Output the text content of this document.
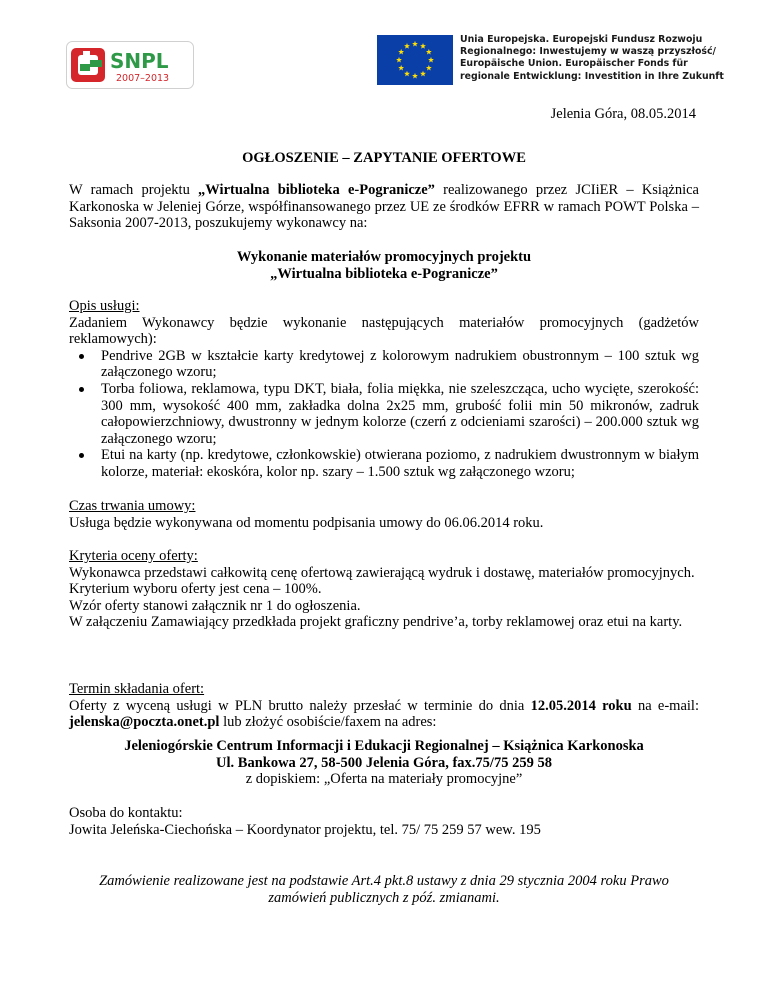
SNPL
2007–2013
Unia Europejska. Europejski Fundusz Rozwoju
Regionalnego: Inwestujemy w waszą przyszłość/
Europäische Union. Europäischer Fonds für
regionale Entwicklung: Investition in Ihre Zukunft
Jelenia Góra, 08.05.2014
OGŁOSZENIE – ZAPYTANIE OFERTOWE
W ramach projektu „Wirtualna biblioteka e-Pogranicze” realizowanego przez JCIiER – Książnica Karkonoska w Jeleniej Górze, współfinansowanego przez UE ze środków EFRR w ramach POWT Polska – Saksonia 2007-2013, poszukujemy wykonawcy na:
Wykonanie materiałów promocyjnych projektu
„Wirtualna biblioteka e-Pogranicze”
Opis usługi:
Zadaniem Wykonawcy będzie wykonanie następujących materiałów promocyjnych (gadżetów reklamowych):
Pendrive 2GB w kształcie karty kredytowej z kolorowym nadrukiem obustronnym – 100 sztuk wg załączonego wzoru;
Torba foliowa, reklamowa, typu DKT, biała, folia miękka, nie szeleszcząca, ucho wycięte, szerokość: 300 mm, wysokość 400 mm, zakładka dolna 2x25 mm, grubość folii min 50 mikronów, zadruk całopowierzchniowy, dwustronny w jednym kolorze (czerń z odcieniami szarości) – 200.000 sztuk wg załączonego wzoru;
Etui na karty (np. kredytowe, członkowskie) otwierana poziomo, z nadrukiem dwustronnym w białym kolorze, materiał: ekoskóra, kolor np. szary – 1.500 sztuk wg załączonego wzoru;
Czas trwania umowy:
Usługa będzie wykonywana od momentu podpisania umowy do 06.06.2014 roku.
Kryteria oceny oferty:
Wykonawca przedstawi całkowitą cenę ofertową zawierającą wydruk i dostawę, materiałów promocyjnych.
Kryterium wyboru oferty jest cena – 100%.
Wzór oferty stanowi załącznik nr 1 do ogłoszenia.
W załączeniu Zamawiający przedkłada projekt graficzny pendrive’a, torby reklamowej oraz etui na karty.
Termin składania ofert:
Oferty z wyceną usługi w PLN brutto należy przesłać w terminie do dnia 12.05.2014 roku na e-mail: jelenska@poczta.onet.pl lub złożyć osobiście/faxem na adres:
Jeleniogórskie Centrum Informacji i Edukacji Regionalnej – Książnica Karkonoska
Ul. Bankowa 27, 58-500 Jelenia Góra, fax.75/75 259 58
z dopiskiem: „Oferta na materiały promocyjne”
Osoba do kontaktu:
Jowita Jeleńska-Ciechońska – Koordynator projektu, tel. 75/ 75 259 57 wew. 195
Zamówienie realizowane jest na podstawie Art.4 pkt.8 ustawy z dnia 29 stycznia 2004 roku Prawo
zamówień publicznych z póź. zmianami.
